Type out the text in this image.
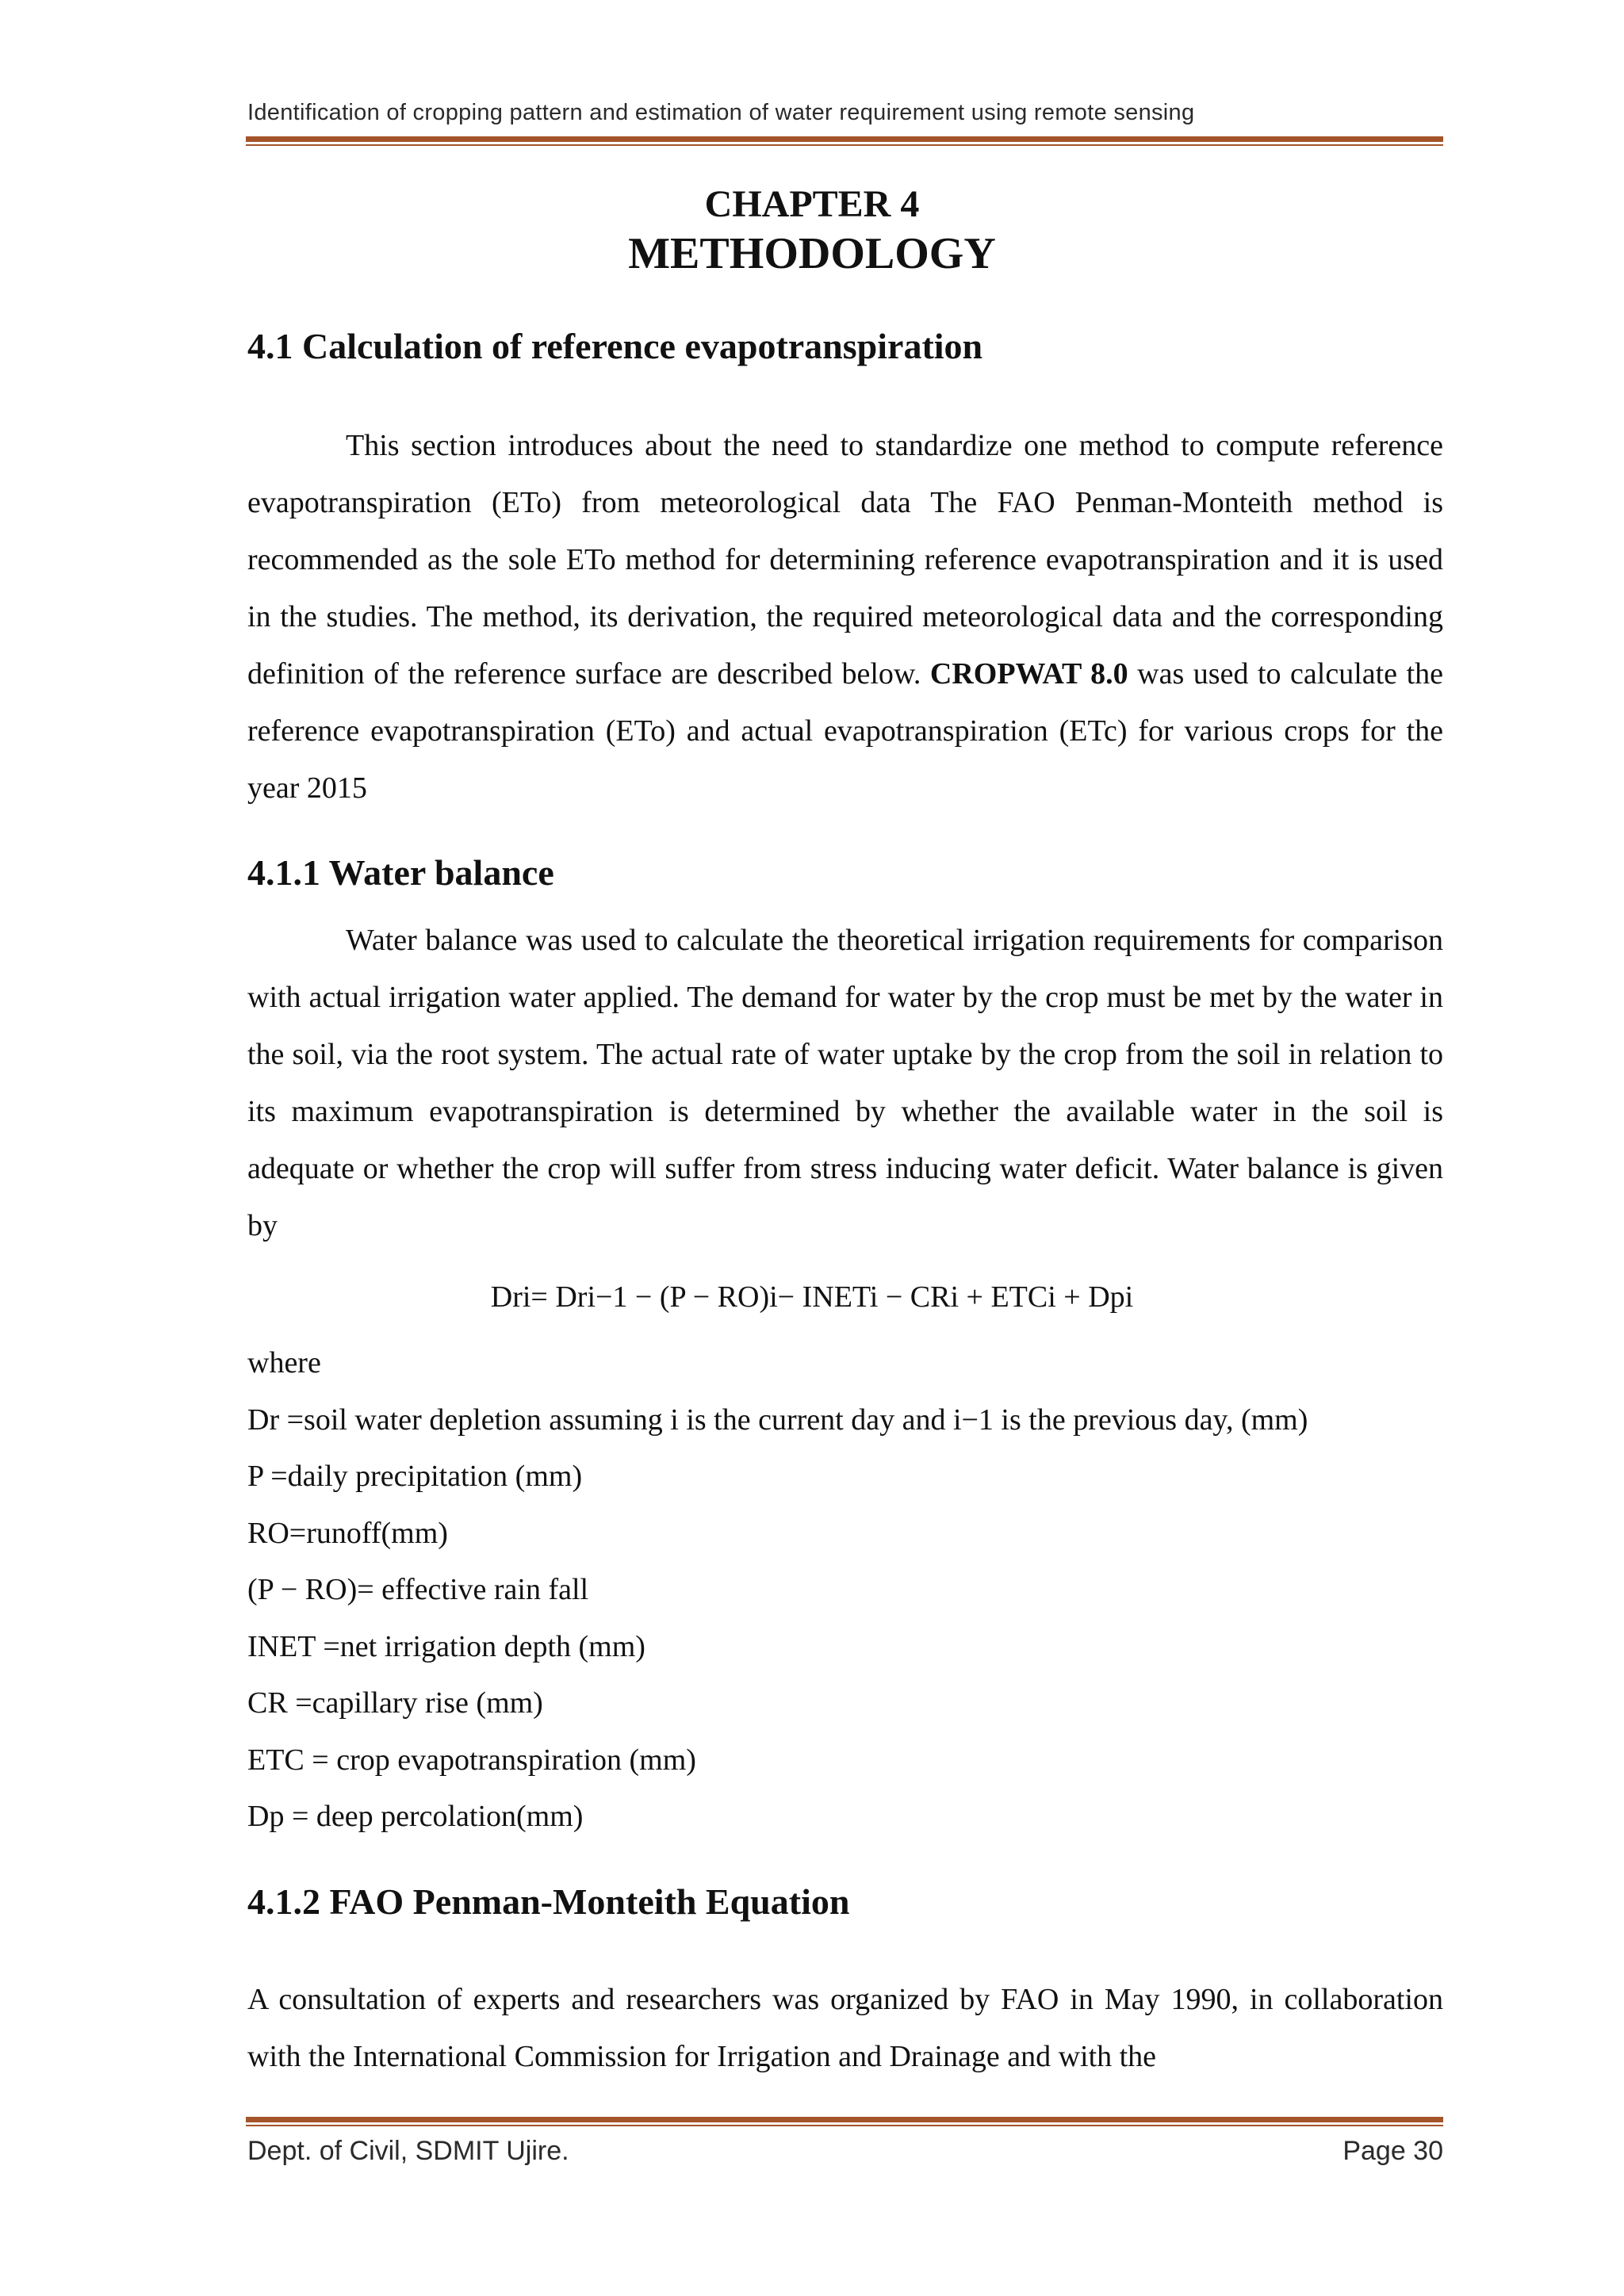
Identification of cropping pattern and estimation of water requirement using remote sensing
CHAPTER 4
METHODOLOGY
4.1 Calculation of reference evapotranspiration

This section introduces about the need to standardize one method to compute reference evapotranspiration (ETo) from meteorological data The FAO Penman-Monteith method is recommended as the sole ETo method for determining reference evapotranspiration and it is used in the studies. The method, its derivation, the required meteorological data and the corresponding definition of the reference surface are described below. CROPWAT 8.0 was used to calculate the reference evapotranspiration (ETo) and actual evapotranspiration (ETc) for various crops for the year 2015

4.1.1 Water balance

Water balance was used to calculate the theoretical irrigation requirements for comparison with actual irrigation water applied. The demand for water by the crop must be met by the water in the soil, via the root system. The actual rate of water uptake by the crop from the soil in relation to its maximum evapotranspiration is determined by whether the available water in the soil is adequate or whether the crop will suffer from stress inducing water deficit. Water balance is given by

Dri= Dri−1 − (P − RO)i− INETi − CRi + ETCi + Dpi
where
Dr =soil water depletion assuming i is the current day and i−1 is the previous day, (mm)
P =daily precipitation (mm)
RO=runoff(mm)
(P − RO)= effective rain fall
INET =net irrigation depth (mm)
CR =capillary rise (mm)
ETC = crop evapotranspiration (mm)
Dp = deep percolation(mm)
4.1.2 FAO Penman-Monteith Equation

A consultation of experts and researchers was organized by FAO in May 1990, in collaboration with the International Commission for Irrigation and Drainage and with the

Dept. of Civil, SDMIT Ujire.	Page 30
